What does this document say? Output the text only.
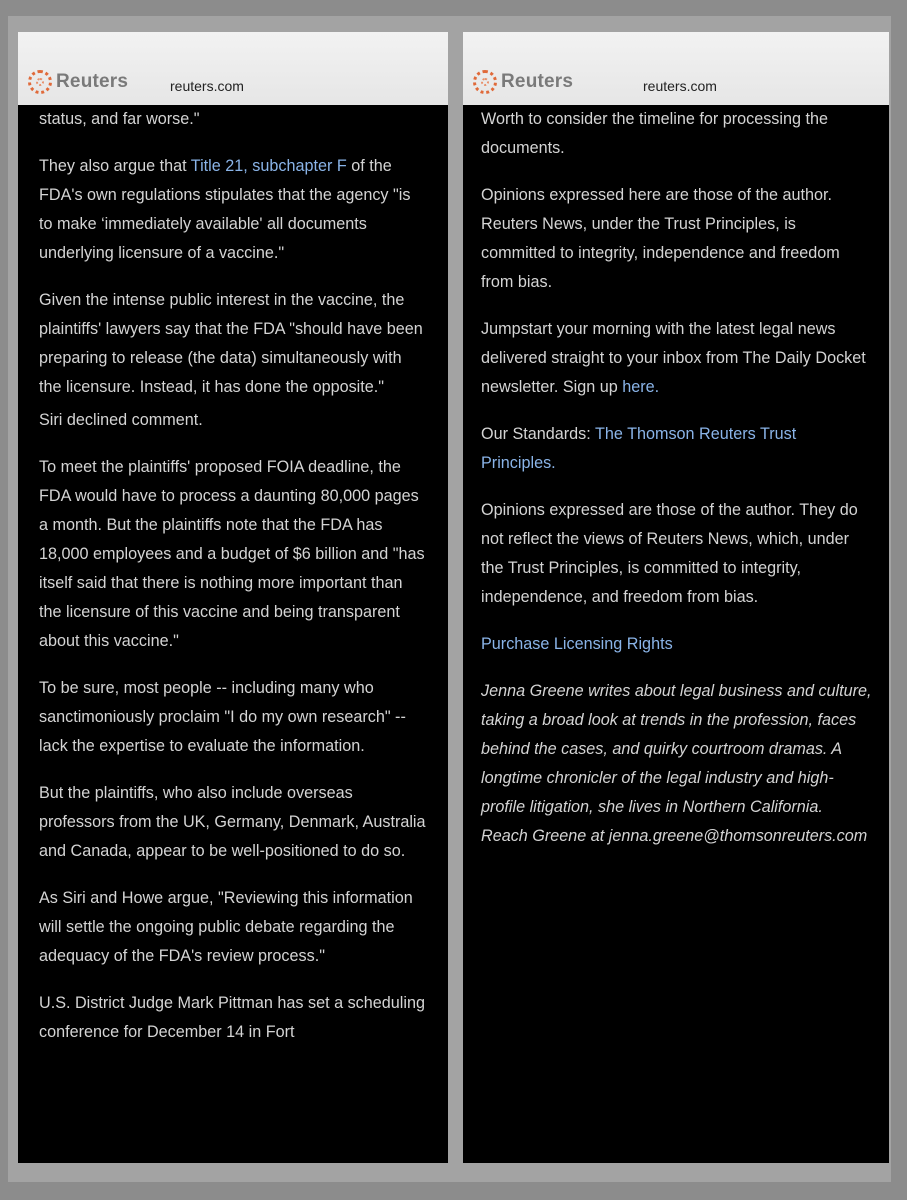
Reuters	reuters.com

status, and far worse."

They also argue that Title 21, subchapter F of the FDA's own regulations stipulates that the agency "is to make ‘immediately available' all documents underlying licensure of a vaccine."

Given the intense public interest in the vaccine, the plaintiffs' lawyers say that the FDA "should have been preparing to release (the data) simultaneously with the licensure. Instead, it has done the opposite."

Siri declined comment.

To meet the plaintiffs' proposed FOIA deadline, the FDA would have to process a daunting 80,000 pages a month. But the plaintiffs note that the FDA has 18,000 employees and a budget of $6 billion and "has itself said that there is nothing more important than the licensure of this vaccine and being transparent about this vaccine."

To be sure, most people -- including many who sanctimoniously proclaim "I do my own research" -- lack the expertise to evaluate the information.

But the plaintiffs, who also include overseas professors from the UK, Germany, Denmark, Australia and Canada, appear to be well-positioned to do so.

As Siri and Howe argue, "Reviewing this information will settle the ongoing public debate regarding the adequacy of the FDA's review process."

U.S. District Judge Mark Pittman has set a scheduling conference for December 14 in Fort

Reuters	reuters.com

Worth to consider the timeline for processing the documents.

Opinions expressed here are those of the author. Reuters News, under the Trust Principles, is committed to integrity, independence and freedom from bias.

Jumpstart your morning with the latest legal news delivered straight to your inbox from The Daily Docket newsletter. Sign up here.

Our Standards: The Thomson Reuters Trust Principles.

Opinions expressed are those of the author. They do not reflect the views of Reuters News, which, under the Trust Principles, is committed to integrity, independence, and freedom from bias.

Purchase Licensing Rights

Jenna Greene writes about legal business and culture, taking a broad look at trends in the profession, faces behind the cases, and quirky courtroom dramas. A longtime chronicler of the legal industry and high-profile litigation, she lives in Northern California. Reach Greene at jenna.greene@thomsonreuters.com
